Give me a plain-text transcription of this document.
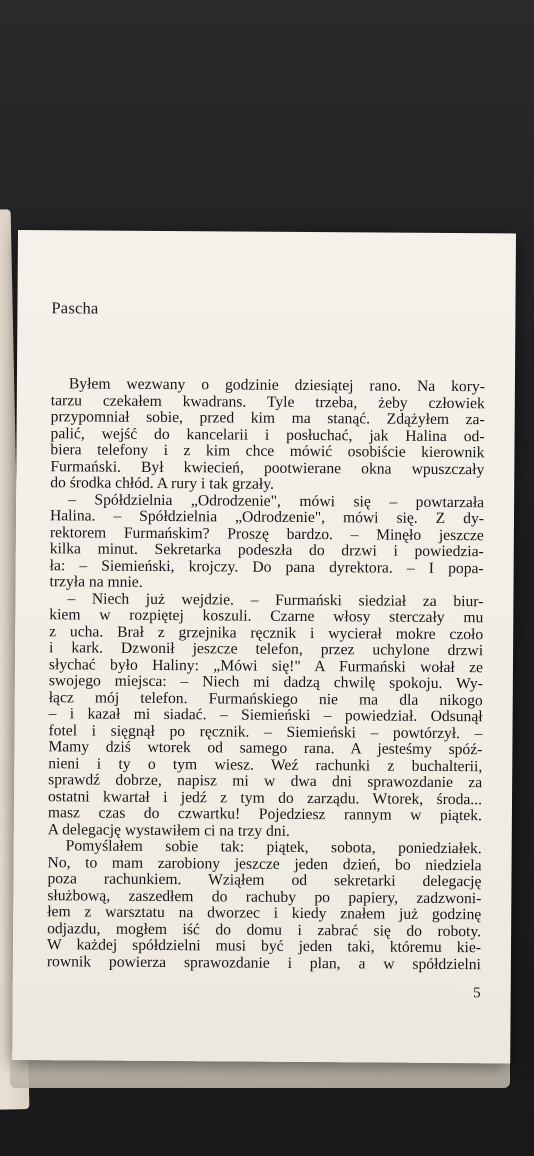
Pascha
Byłem wezwany o godzinie dziesiątej rano. Na kory-
tarzu czekałem kwadrans. Tyle trzeba, żeby człowiek
przypomniał sobie, przed kim ma stanąć. Zdążyłem za-
palić, wejść do kancelarii i posłuchać, jak Halina od-
biera telefony i z kim chce mówić osobiście kierownik
Furmański. Był kwiecień, pootwierane okna wpuszczały
do środka chłód. A rury i tak grzały.
– Spółdzielnia „Odrodzenie", mówi się – powtarzała
Halina. – Spółdzielnia „Odrodzenie", mówi się. Z dy-
rektorem Furmańskim? Proszę bardzo. – Minęło jeszcze
kilka minut. Sekretarka podeszła do drzwi i powiedzia-
ła: – Siemieński, krojczy. Do pana dyrektora. – I popa-
trzyła na mnie.
– Niech już wejdzie. – Furmański siedział za biur-
kiem w rozpiętej koszuli. Czarne włosy sterczały mu
z ucha. Brał z grzejnika ręcznik i wycierał mokre czoło
i kark. Dzwonił jeszcze telefon, przez uchylone drzwi
słychać było Haliny: „Mówi się!" A Furmański wołał ze
swojego miejsca: – Niech mi dadzą chwilę spokoju. Wy-
łącz mój telefon. Furmańskiego nie ma dla nikogo
– i kazał mi siadać. – Siemieński – powiedział. Odsunął
fotel i sięgnął po ręcznik. – Siemieński – powtórzył. –
Mamy dziś wtorek od samego rana. A jesteśmy spóź-
nieni i ty o tym wiesz. Weź rachunki z buchalterii,
sprawdź dobrze, napisz mi w dwa dni sprawozdanie za
ostatni kwartał i jedź z tym do zarządu. Wtorek, środa...
masz czas do czwartku! Pojedziesz rannym w piątek.
A delegację wystawiłem ci na trzy dni.
Pomyślałem sobie tak: piątek, sobota, poniedziałek.
No, to mam zarobiony jeszcze jeden dzień, bo niedziela
poza rachunkiem. Wziąłem od sekretarki delegację
służbową, zaszedłem do rachuby po papiery, zadzwoni-
łem z warsztatu na dworzec i kiedy znałem już godzinę
odjazdu, mogłem iść do domu i zabrać się do roboty.
W każdej spółdzielni musi być jeden taki, któremu kie-
rownik powierza sprawozdanie i plan, a w spółdzielni
5
